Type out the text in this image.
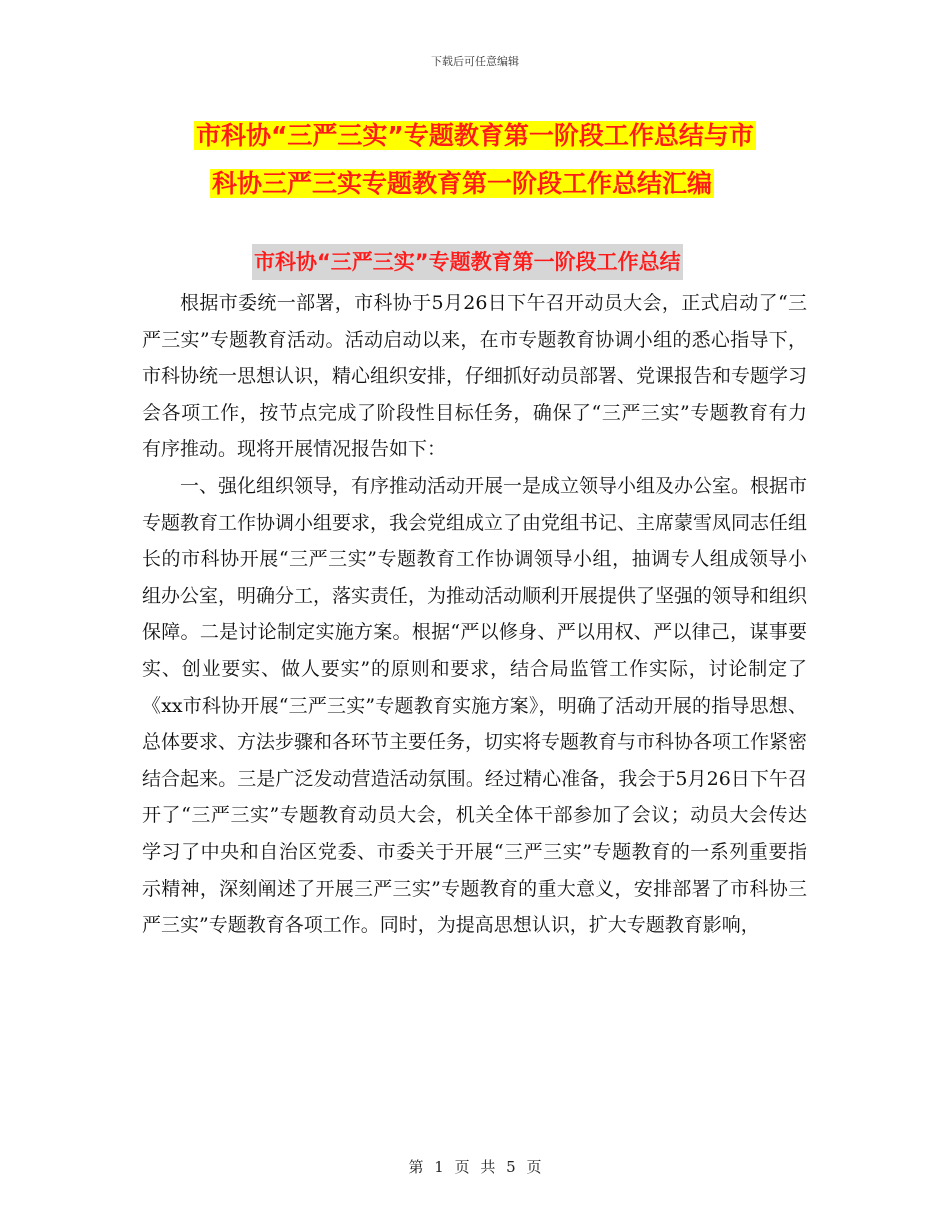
下载后可任意编辑
市科协“三严三实”专题教育第一阶段工作总结与市
科协三严三实专题教育第一阶段工作总结汇编
市科协“三严三实”专题教育第一阶段工作总结

根据市委统一部署，市科协于5月26日下午召开动员大会，正式启动了“三严三实”专题教育活动。活动启动以来，在市专题教育协调小组的悉心指导下，市科协统一思想认识，精心组织安排，仔细抓好动员部署、党课报告和专题学习会各项工作，按节点完成了阶段性目标任务，确保了“三严三实”专题教育有力有序推动。现将开展情况报告如下：

一、强化组织领导，有序推动活动开展一是成立领导小组及办公室。根据市专题教育工作协调小组要求，我会党组成立了由党组书记、主席蒙雪凤同志任组长的市科协开展“三严三实”专题教育工作协调领导小组，抽调专人组成领导小组办公室，明确分工，落实责任，为推动活动顺利开展提供了坚强的领导和组织保障。二是讨论制定实施方案。根据“严以修身、严以用权、严以律己，谋事要实、创业要实、做人要实”的原则和要求，结合局监管工作实际，讨论制定了《xx市科协开展“三严三实”专题教育实施方案》，明确了活动开展的指导思想、总体要求、方法步骤和各环节主要任务，切实将专题教育与市科协各项工作紧密结合起来。三是广泛发动营造活动氛围。经过精心准备，我会于5月26日下午召开了“三严三实”专题教育动员大会，机关全体干部参加了会议；动员大会传达学习了中央和自治区党委、市委关于开展“三严三实”专题教育的一系列重要指示精神，深刻阐述了开展三严三实”专题教育的重大意义，安排部署了市科协三严三实”专题教育各项工作。同时，为提高思想认识，扩大专题教育影响，

第 1 页 共 5 页
